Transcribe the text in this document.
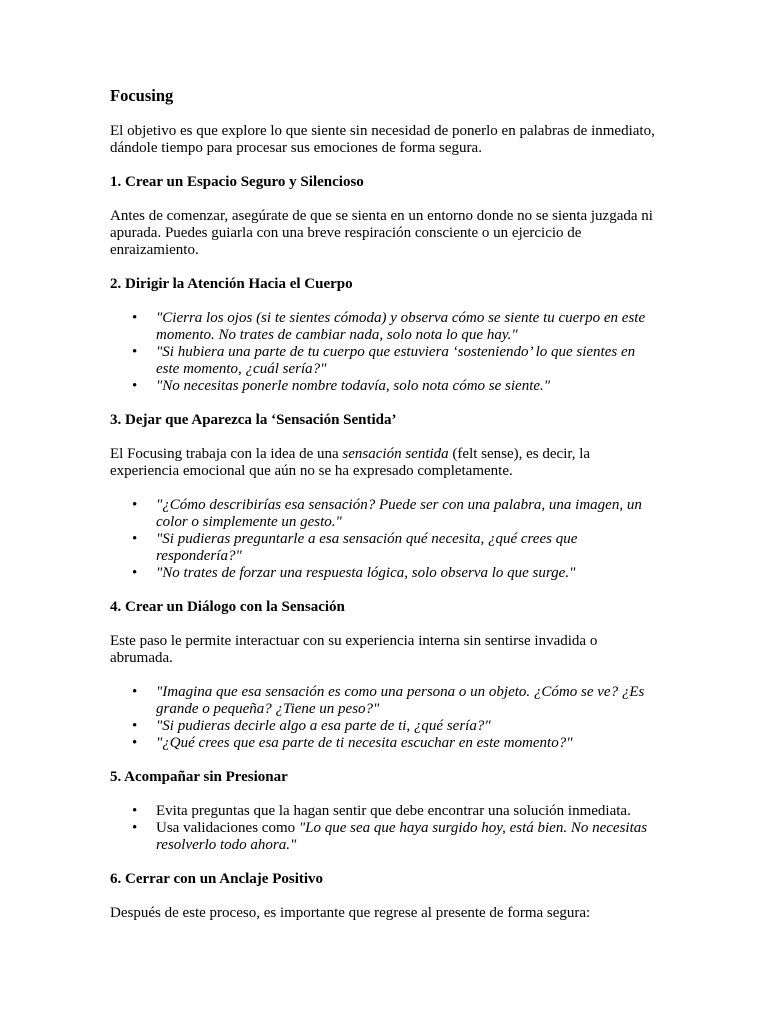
Focusing

El objetivo es que explore lo que siente sin necesidad de ponerlo en palabras de inmediato, dándole tiempo para procesar sus emociones de forma segura.

1. Crear un Espacio Seguro y Silencioso

Antes de comenzar, asegúrate de que se sienta en un entorno donde no se sienta juzgada ni apurada. Puedes guiarla con una breve respiración consciente o un ejercicio de enraizamiento.

2. Dirigir la Atención Hacia el Cuerpo
• "Cierra los ojos (si te sientes cómoda) y observa cómo se siente tu cuerpo en este momento. No trates de cambiar nada, solo nota lo que hay."
• "Si hubiera una parte de tu cuerpo que estuviera ‘sosteniendo’ lo que sientes en este momento, ¿cuál sería?"
• "No necesitas ponerle nombre todavía, solo nota cómo se siente."
3. Dejar que Aparezca la ‘Sensación Sentida’

El Focusing trabaja con la idea de una sensación sentida (felt sense), es decir, la experiencia emocional que aún no se ha expresado completamente.

• "¿Cómo describirías esa sensación? Puede ser con una palabra, una imagen, un color o simplemente un gesto."
• "Si pudieras preguntarle a esa sensación qué necesita, ¿qué crees que respondería?"
• "No trates de forzar una respuesta lógica, solo observa lo que surge."
4. Crear un Diálogo con la Sensación

Este paso le permite interactuar con su experiencia interna sin sentirse invadida o abrumada.

• "Imagina que esa sensación es como una persona o un objeto. ¿Cómo se ve? ¿Es grande o pequeña? ¿Tiene un peso?"
• "Si pudieras decirle algo a esa parte de ti, ¿qué sería?"
• "¿Qué crees que esa parte de ti necesita escuchar en este momento?"
5. Acompañar sin Presionar
• Evita preguntas que la hagan sentir que debe encontrar una solución inmediata.
• Usa validaciones como "Lo que sea que haya surgido hoy, está bien. No necesitas resolverlo todo ahora."
6. Cerrar con un Anclaje Positivo

Después de este proceso, es importante que regrese al presente de forma segura:
